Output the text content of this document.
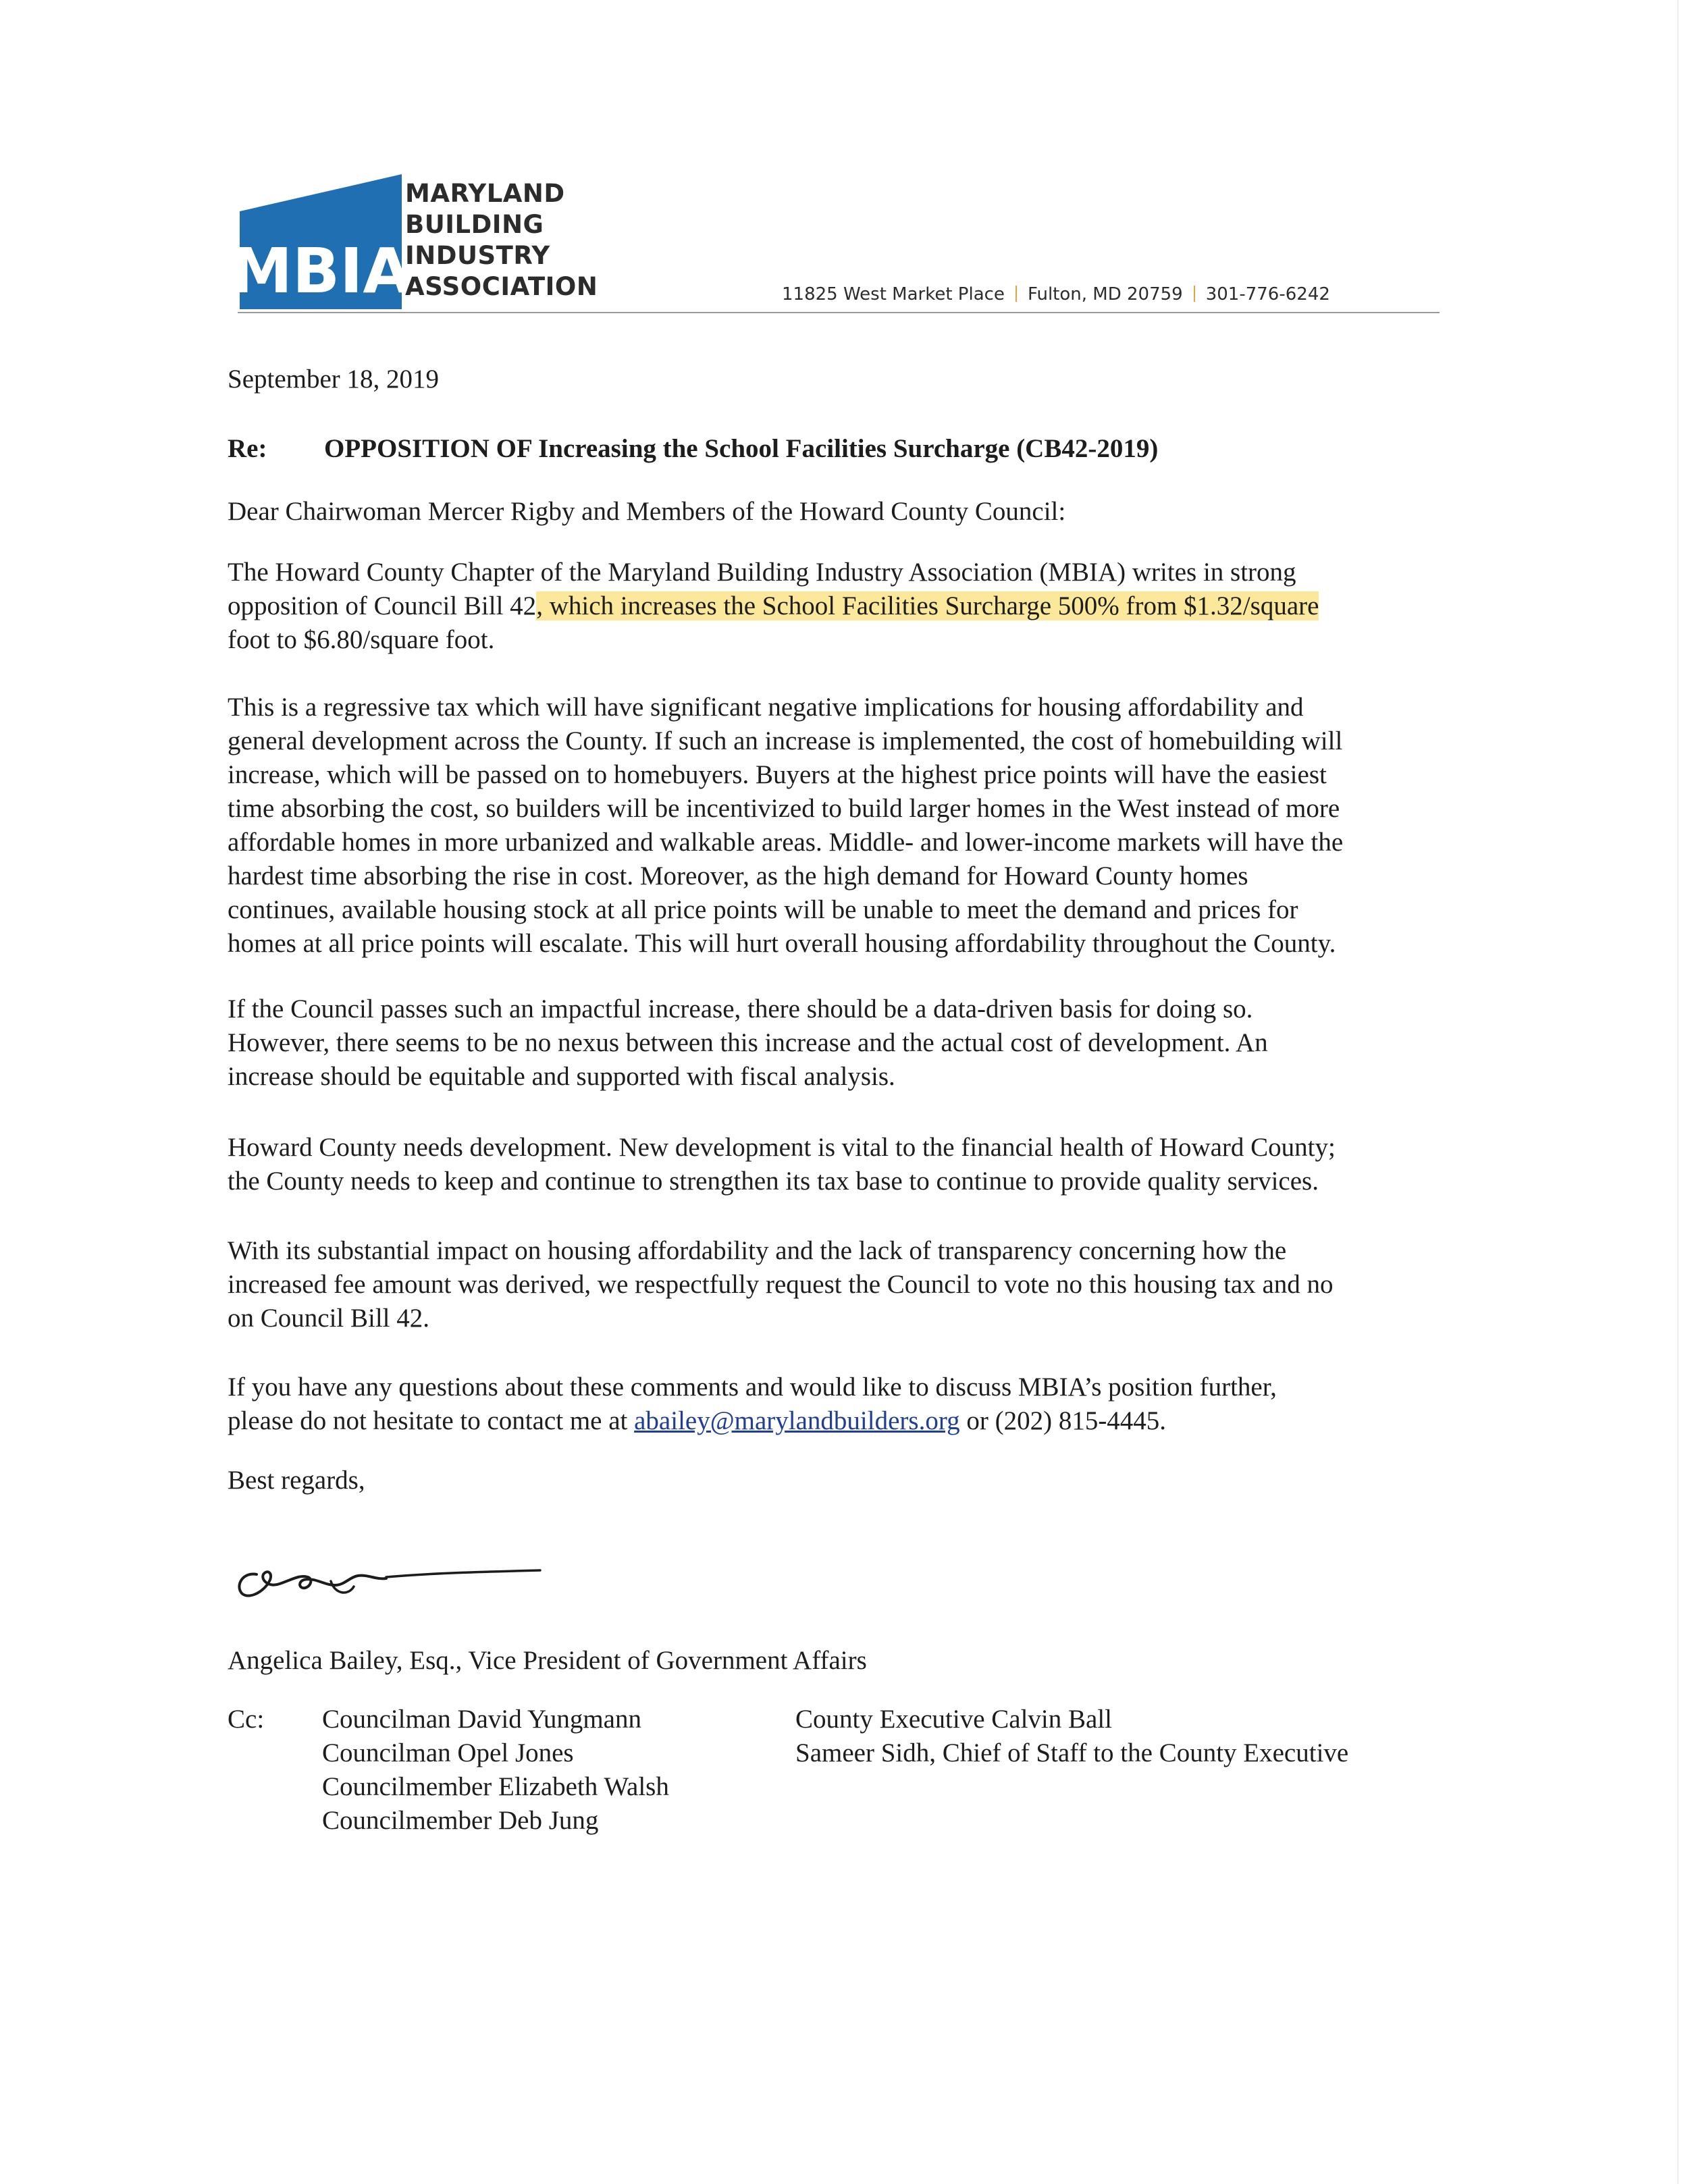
MBIA
MARYLAND
BUILDING
INDUSTRY
ASSOCIATION	11825 West Market Place Fulton, MD 20759 301-776-6242
September 18, 2019
Re: OPPOSITION OF Increasing the School Facilities Surcharge (CB42-2019)
Dear Chairwoman Mercer Rigby and Members of the Howard County Council:
The Howard County Chapter of the Maryland Building Industry Association (MBIA) writes in strong
opposition of Council Bill 42, which increases the School Facilities Surcharge 500% from $1.32/square
foot to $6.80/square foot.
This is a regressive tax which will have significant negative implications for housing affordability and
general development across the County. If such an increase is implemented, the cost of homebuilding will
increase, which will be passed on to homebuyers. Buyers at the highest price points will have the easiest
time absorbing the cost, so builders will be incentivized to build larger homes in the West instead of more
affordable homes in more urbanized and walkable areas. Middle- and lower-income markets will have the
hardest time absorbing the rise in cost. Moreover, as the high demand for Howard County homes
continues, available housing stock at all price points will be unable to meet the demand and prices for
homes at all price points will escalate. This will hurt overall housing affordability throughout the County.
If the Council passes such an impactful increase, there should be a data-driven basis for doing so.
However, there seems to be no nexus between this increase and the actual cost of development. An
increase should be equitable and supported with fiscal analysis.
Howard County needs development. New development is vital to the financial health of Howard County;
the County needs to keep and continue to strengthen its tax base to continue to provide quality services.
With its substantial impact on housing affordability and the lack of transparency concerning how the
increased fee amount was derived, we respectfully request the Council to vote no this housing tax and no
on Council Bill 42.
If you have any questions about these comments and would like to discuss MBIA’s position further,
please do not hesitate to contact me at abailey@marylandbuilders.org or (202) 815-4445.
Best regards,
Angelica Bailey, Esq., Vice President of Government Affairs
Cc: Councilman David Yungmann
Councilman Opel Jones
Councilmember Elizabeth Walsh
Councilmember Deb Jung
County Executive Calvin Ball
Sameer Sidh, Chief of Staff to the County Executive
